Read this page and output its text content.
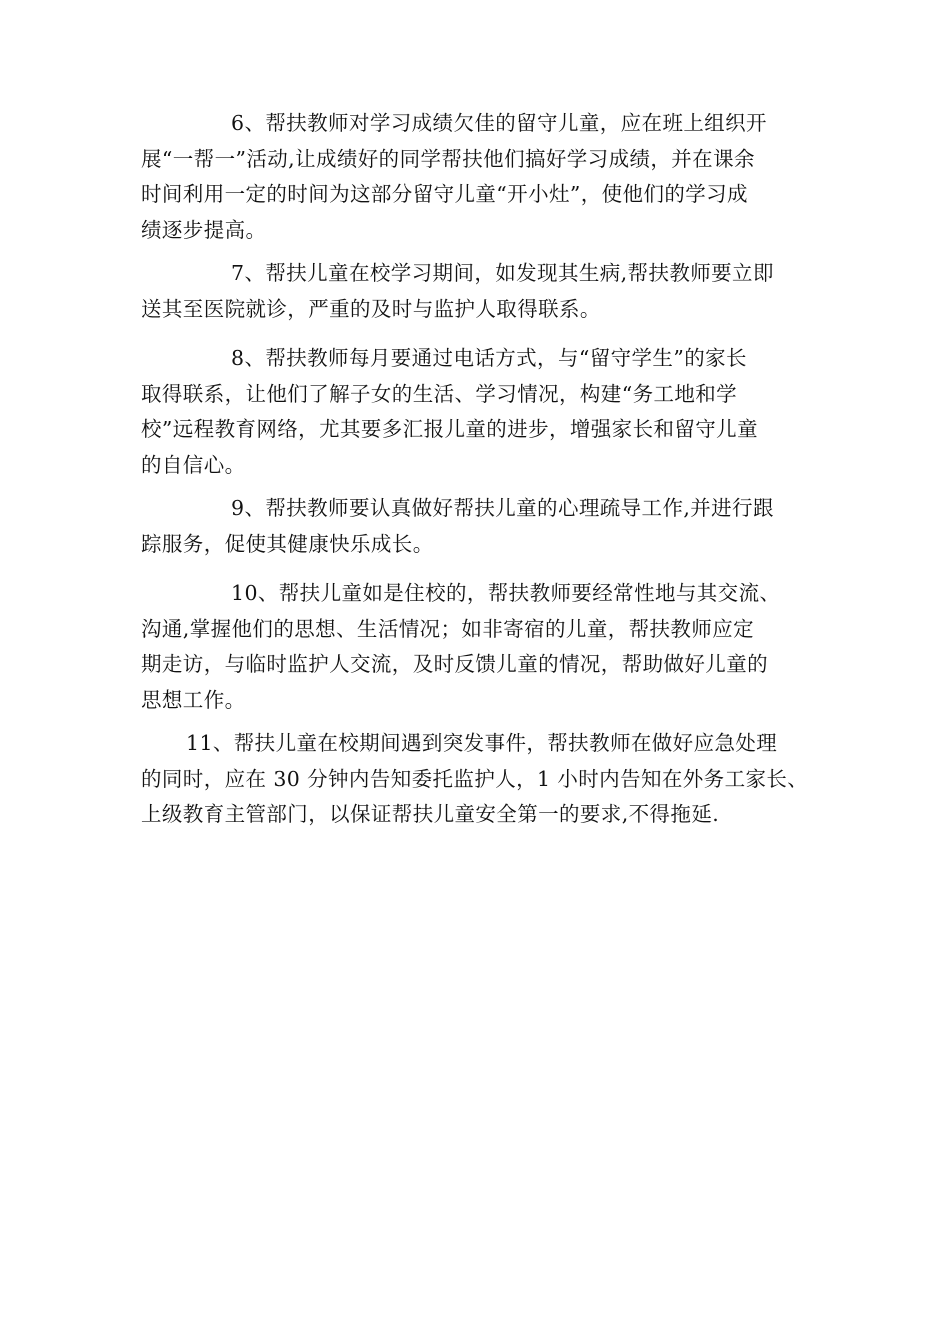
6、帮扶教师对学习成绩欠佳的留守儿童，应在班上组织开
展“一帮一”活动,让成绩好的同学帮扶他们搞好学习成绩，并在课余
时间利用一定的时间为这部分留守儿童“开小灶”，使他们的学习成
绩逐步提高。

7、帮扶儿童在校学习期间，如发现其生病,帮扶教师要立即
送其至医院就诊，严重的及时与监护人取得联系。

8、帮扶教师每月要通过电话方式，与“留守学生”的家长
取得联系，让他们了解子女的生活、学习情况，构建“务工地和学
校”远程教育网络，尤其要多汇报儿童的进步，增强家长和留守儿童
的自信心。

9、帮扶教师要认真做好帮扶儿童的心理疏导工作,并进行跟
踪服务，促使其健康快乐成长。

10、帮扶儿童如是住校的，帮扶教师要经常性地与其交流、
沟通,掌握他们的思想、生活情况；如非寄宿的儿童，帮扶教师应定
期走访，与临时监护人交流，及时反馈儿童的情况，帮助做好儿童的
思想工作。

11、帮扶儿童在校期间遇到突发事件，帮扶教师在做好应急处理
的同时，应在 30 分钟内告知委托监护人，1 小时内告知在外务工家长、
上级教育主管部门，以保证帮扶儿童安全第一的要求,不得拖延.
